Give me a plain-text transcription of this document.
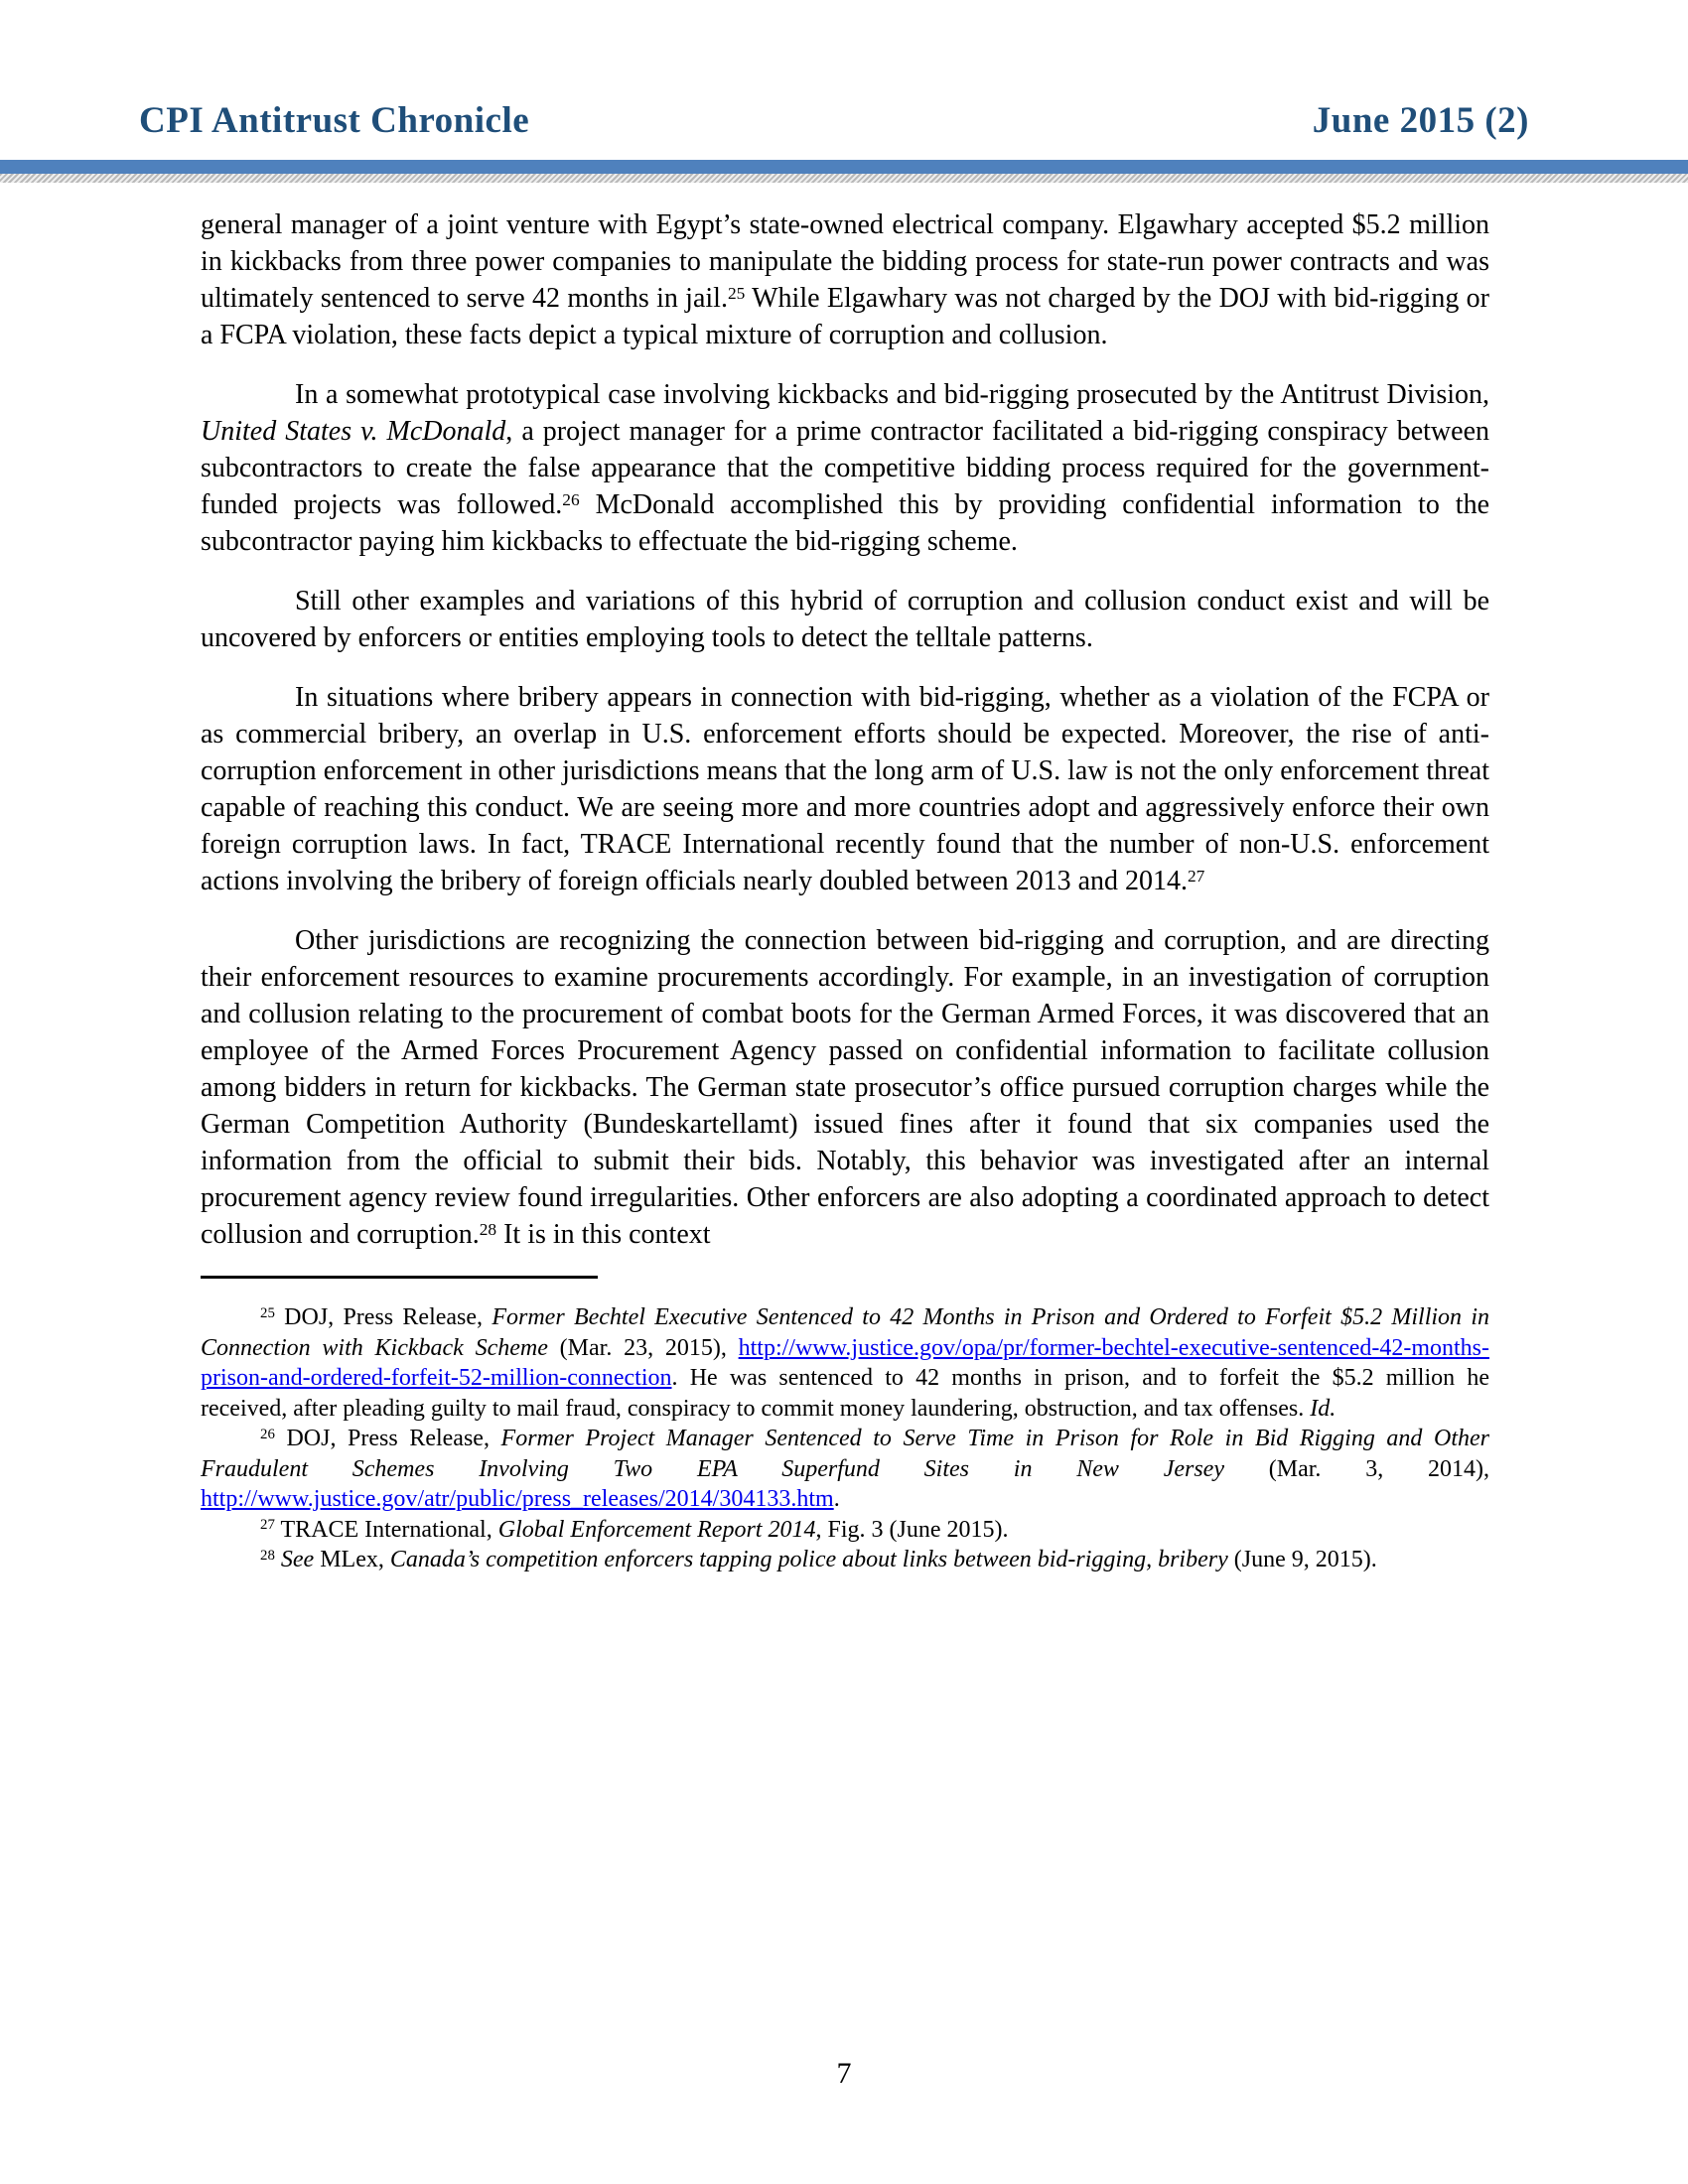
CPI Antitrust Chronicle	June 2015 (2)

general manager of a joint venture with Egypt’s state-owned electrical company. Elgawhary accepted $5.2 million in kickbacks from three power companies to manipulate the bidding process for state-run power contracts and was ultimately sentenced to serve 42 months in jail.$^{25}$ While Elgawhary was not charged by the DOJ with bid-rigging or a FCPA violation, these facts depict a typical mixture of corruption and collusion.

In a somewhat prototypical case involving kickbacks and bid-rigging prosecuted by the Antitrust Division, United States v. McDonald, a project manager for a prime contractor facilitated a bid-rigging conspiracy between subcontractors to create the false appearance that the competitive bidding process required for the government-funded projects was followed.$^{26}$ McDonald accomplished this by providing confidential information to the subcontractor paying him kickbacks to effectuate the bid-rigging scheme.

Still other examples and variations of this hybrid of corruption and collusion conduct exist and will be uncovered by enforcers or entities employing tools to detect the telltale patterns.

In situations where bribery appears in connection with bid-rigging, whether as a violation of the FCPA or as commercial bribery, an overlap in U.S. enforcement efforts should be expected. Moreover, the rise of anti-corruption enforcement in other jurisdictions means that the long arm of U.S. law is not the only enforcement threat capable of reaching this conduct. We are seeing more and more countries adopt and aggressively enforce their own foreign corruption laws. In fact, TRACE International recently found that the number of non-U.S. enforcement actions involving the bribery of foreign officials nearly doubled between 2013 and 2014.27

Other jurisdictions are recognizing the connection between bid-rigging and corruption, and are directing their enforcement resources to examine procurements accordingly. For example, in an investigation of corruption and collusion relating to the procurement of combat boots for the German Armed Forces, it was discovered that an employee of the Armed Forces Procurement Agency passed on confidential information to facilitate collusion among bidders in return for kickbacks. The German state prosecutor’s office pursued corruption charges while the German Competition Authority (Bundeskartellamt) issued fines after it found that six companies used the information from the official to submit their bids. Notably, this behavior was investigated after an internal procurement agency review found irregularities. Other enforcers are also adopting a coordinated approach to detect collusion and corruption.$^{28}$ It is in this context

$^{25}$ DOJ, Press Release, Former Bechtel Executive Sentenced to 42 Months in Prison and Ordered to Forfeit $5.2 Million in Connection with Kickback Scheme (Mar. 23, 2015), http://www.justice.gov/opa/pr/former-bechtel-executive-sentenced-42-months-prison-and-ordered-forfeit-52-million-connection. He was sentenced to 42 months in prison, and to forfeit the $5.2 million he received, after pleading guilty to mail fraud, conspiracy to commit money laundering, obstruction, and tax offenses. Id.

$^{26}$ DOJ, Press Release, Former Project Manager Sentenced to Serve Time in Prison for Role in Bid Rigging and Other Fraudulent Schemes Involving Two EPA Superfund Sites in New Jersey (Mar. 3, 2014), http://www.justice.gov/atr/public/press_releases/2014/304133.htm.

$^{27}$ TRACE International, Global Enforcement Report 2014, Fig. 3 (June 2015).

$^{28}$ See MLex, Canada’s competition enforcers tapping police about links between bid-rigging, bribery (June 9, 2015).

7
